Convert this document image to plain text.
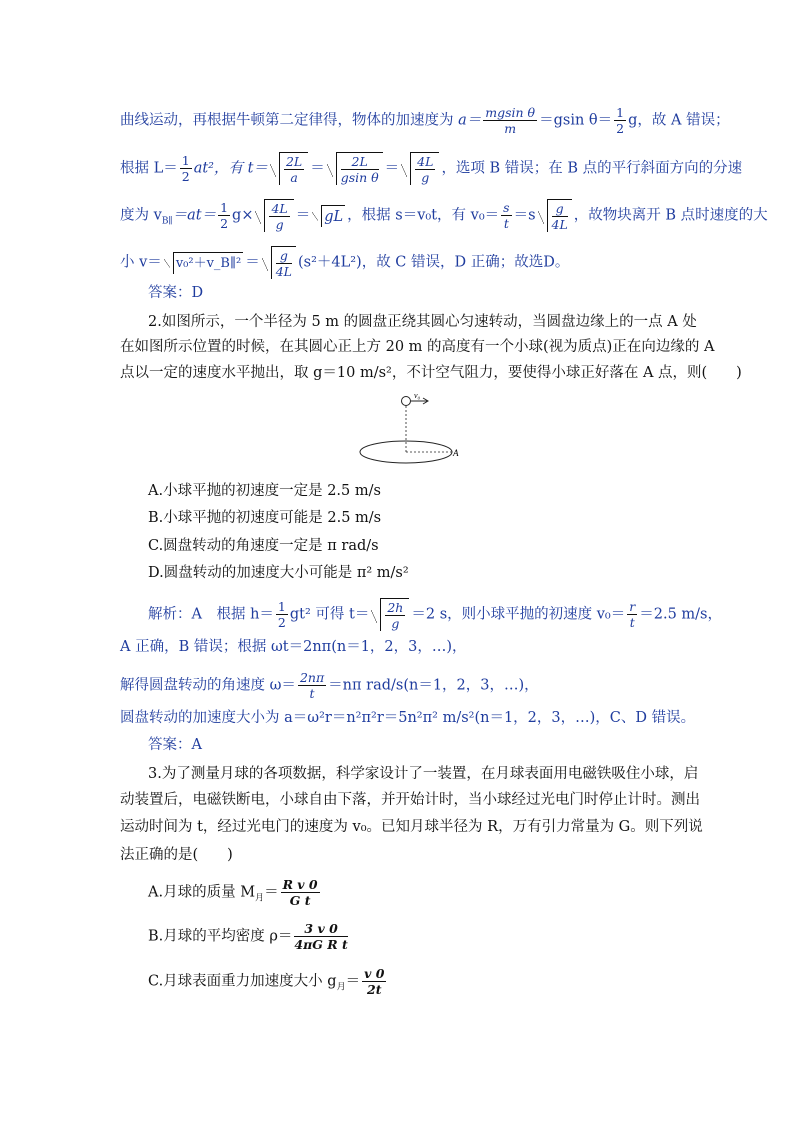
曲线运动，再根据牛顿第二定律得，物体的加速度为 $a= \frac{\text{mgsin θ}}{m} =gsin$ $\theta= \frac{1}{2}$ g，故 A 错误；
根据 $L= \frac{1}{2} at^2$，有 $t= \frac{2L}{a} = \frac{2L}{\text{gsin θ}} = \frac{4L}{g}$ ，选项 B 错误；在 B 点的平行斜面方向的分速
度为 $v_{B\parallel}=at= \frac{1}{2} g\times \frac{4L}{g}$ ＝ gL ，根据 s＝v₀t，有 $v_0= \frac{s}{t} =s \frac{g}{4L}$ ，故物块离开 B 点时速度的大
小 v＝ v₀²＋v_B∥² ＝ $\frac{g}{4L} (s^2+4L^2)$，故 C 错误，D 正确；故选D。
答案：D
2.如图所示，一个半径为 5 m 的圆盘正绕其圆心匀速转动，当圆盘边缘上的一点 A 处
在如图所示位置的时候，在其圆心正上方 20 m 的高度有一个小球(视为质点)正在向边缘的 A
点以一定的速度水平抛出，取 g＝10 m/s²，不计空气阻力，要使得小球正好落在 A 点，则(　　)
v₀
A
A.小球平抛的初速度一定是 2.5 m/s
B.小球平抛的初速度可能是 2.5 m/s
C.圆盘转动的角速度一定是 π rad/s
D.圆盘转动的加速度大小可能是 π² m/s²
解析：A　根据 $h= \frac{1}{2} gt^2$ 可得 $t= \frac{2h}{g} =2$ s，则小球平抛的初速度 $v_0= \frac{r}{t} =2.5$ m/s，
A 正确，B 错误；根据 ωt＝2nπ(n＝1，2，3，…)，
解得圆盘转动的角速度 $\omega= \frac{2n\pi}{t} =n\pi$ rad/s(n＝1，2，3，…)，
圆盘转动的加速度大小为 a＝ω²r＝n²π²r＝5n²π² m/s²(n＝1，2，3，…)，C、D 错误。
答案：A
3.为了测量月球的各项数据，科学家设计了一装置，在月球表面用电磁铁吸住小球，启
动装置后，电磁铁断电，小球自由下落，并开始计时，当小球经过光电门时停止计时。测出
运动时间为 t，经过光电门的速度为 v₀。已知月球半径为 R，万有引力常量为 G。则下列说
法正确的是(　　)
A.月球的质量 $M_月= \frac{\text{R v 0}}{\text{G t}}$
B.月球的平均密度 $\rho= \frac{3 v 0}{\text{4πG R t}}$
C.月球表面重力加速度大小 $g_月= \frac{v 0}{2t}$
